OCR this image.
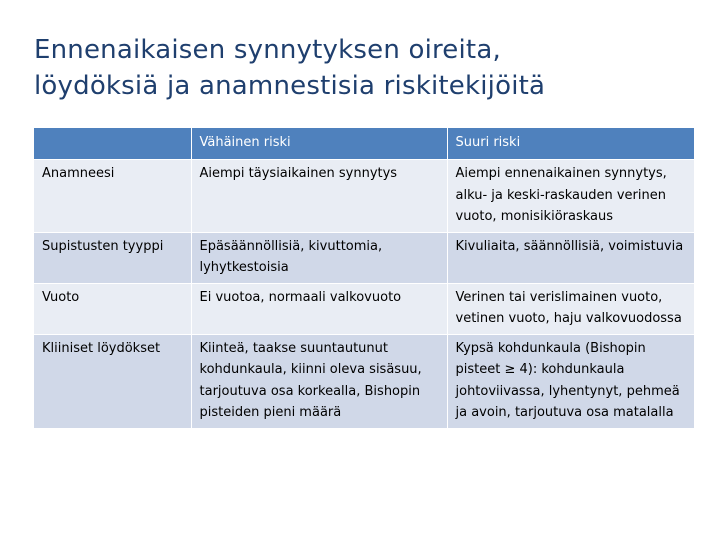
Ennenaikaisen synnytyksen oireita,
löydöksiä ja anamnestisia riskitekijöitä
	Vähäinen riski	Suuri riski
Anamneesi	Aiempi täysiaikainen synnytys	Aiempi ennenaikainen synnytys, alku- ja keski-raskauden verinen vuoto, monisikiöraskaus
Supistusten tyyppi	Epäsäännöllisiä, kivuttomia, lyhytkestoisia	Kivuliaita, säännöllisiä, voimistuvia
Vuoto	Ei vuotoa, normaali valkovuoto	Verinen tai verislimainen vuoto, vetinen vuoto, haju valkovuodossa
Kliiniset löydökset	Kiinteä, taakse suuntautunut kohdunkaula, kiinni oleva sisäsuu, tarjoutuva osa korkealla, Bishopin pisteiden pieni määrä	Kypsä kohdunkaula (Bishopin pisteet ≥ 4): kohdunkaula johtoviivassa, lyhentynyt, pehmeä ja avoin, tarjoutuva osa matalalla
